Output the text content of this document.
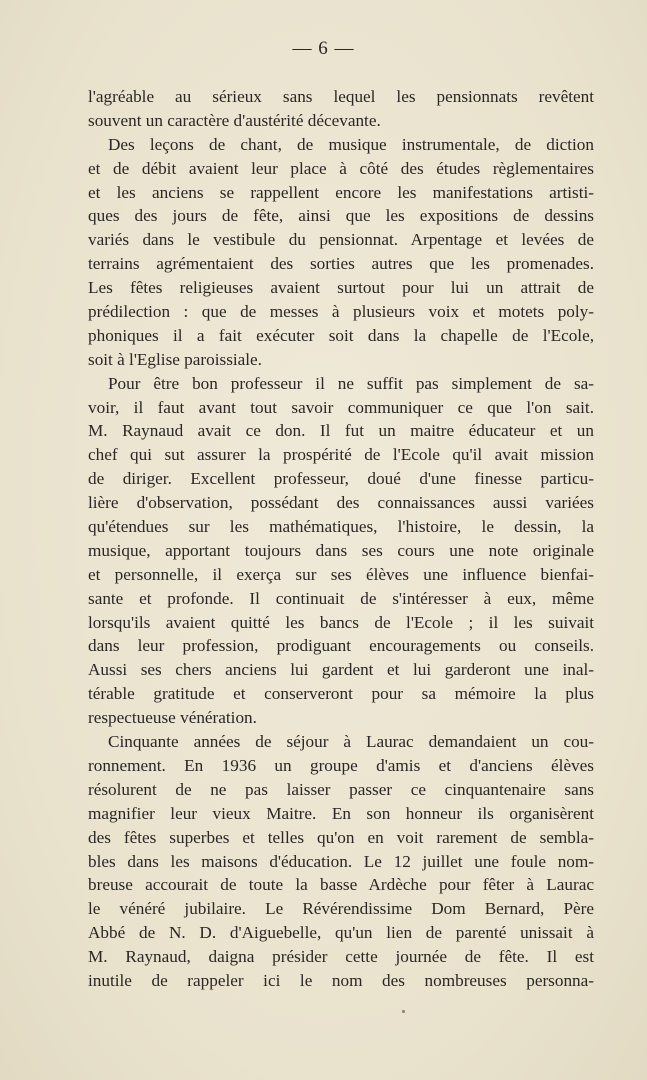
— 6 —
l'agréable au sérieux sans lequel les pensionnats revêtent
souvent un caractère d'austérité décevante.
Des leçons de chant, de musique instrumentale, de diction
et de débit avaient leur place à côté des études règlementaires
et les anciens se rappellent encore les manifestations artisti-
ques des jours de fête, ainsi que les expositions de dessins
variés dans le vestibule du pensionnat. Arpentage et levées de
terrains agrémentaient des sorties autres que les promenades.
Les fêtes religieuses avaient surtout pour lui un attrait de
prédilection : que de messes à plusieurs voix et motets poly-
phoniques il a fait exécuter soit dans la chapelle de l'Ecole,
soit à l'Eglise paroissiale.
Pour être bon professeur il ne suffit pas simplement de sa-
voir, il faut avant tout savoir communiquer ce que l'on sait.
M. Raynaud avait ce don. Il fut un maitre éducateur et un
chef qui sut assurer la prospérité de l'Ecole qu'il avait mission
de diriger. Excellent professeur, doué d'une finesse particu-
lière d'observation, possédant des connaissances aussi variées
qu'étendues sur les mathématiques, l'histoire, le dessin, la
musique, apportant toujours dans ses cours une note originale
et personnelle, il exerça sur ses élèves une influence bienfai-
sante et profonde. Il continuait de s'intéresser à eux, même
lorsqu'ils avaient quitté les bancs de l'Ecole ; il les suivait
dans leur profession, prodiguant encouragements ou conseils.
Aussi ses chers anciens lui gardent et lui garderont une inal-
térable gratitude et conserveront pour sa mémoire la plus
respectueuse vénération.
Cinquante années de séjour à Laurac demandaient un cou-
ronnement. En 1936 un groupe d'amis et d'anciens élèves
résolurent de ne pas laisser passer ce cinquantenaire sans
magnifier leur vieux Maitre. En son honneur ils organisèrent
des fêtes superbes et telles qu'on en voit rarement de sembla-
bles dans les maisons d'éducation. Le 12 juillet une foule nom-
breuse accourait de toute la basse Ardèche pour fêter à Laurac
le vénéré jubilaire. Le Révérendissime Dom Bernard, Père
Abbé de N. D. d'Aiguebelle, qu'un lien de parenté unissait à
M. Raynaud, daigna présider cette journée de fête. Il est
inutile de rappeler ici le nom des nombreuses personna-
